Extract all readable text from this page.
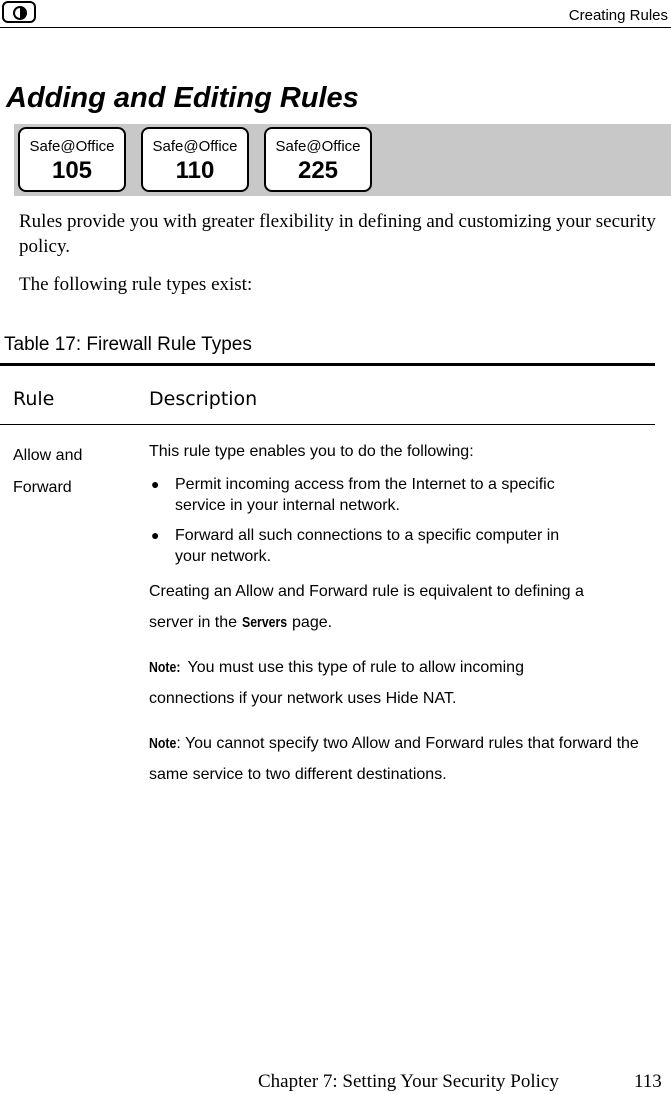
Creating Rules
Adding and Editing Rules
Safe@Office
105
Safe@Office
110
Safe@Office
225

Rules provide you with greater flexibility in defining and customizing your security policy.

The following rule types exist:

Table 17: Firewall Rule Types

Rule	Description
Allow and
Forward

This rule type enables you to do the following:

● Permit incoming access from the Internet to a specific service in your internal network.
● Forward all such connections to a specific computer in your network.

Creating an Allow and Forward rule is equivalent to defining a server in the Servers page.

Note: You must use this type of rule to allow incoming connections if your network uses Hide NAT.

Note: You cannot specify two Allow and Forward rules that forward the same service to two different destinations.

Chapter 7: Setting Your Security Policy	113
